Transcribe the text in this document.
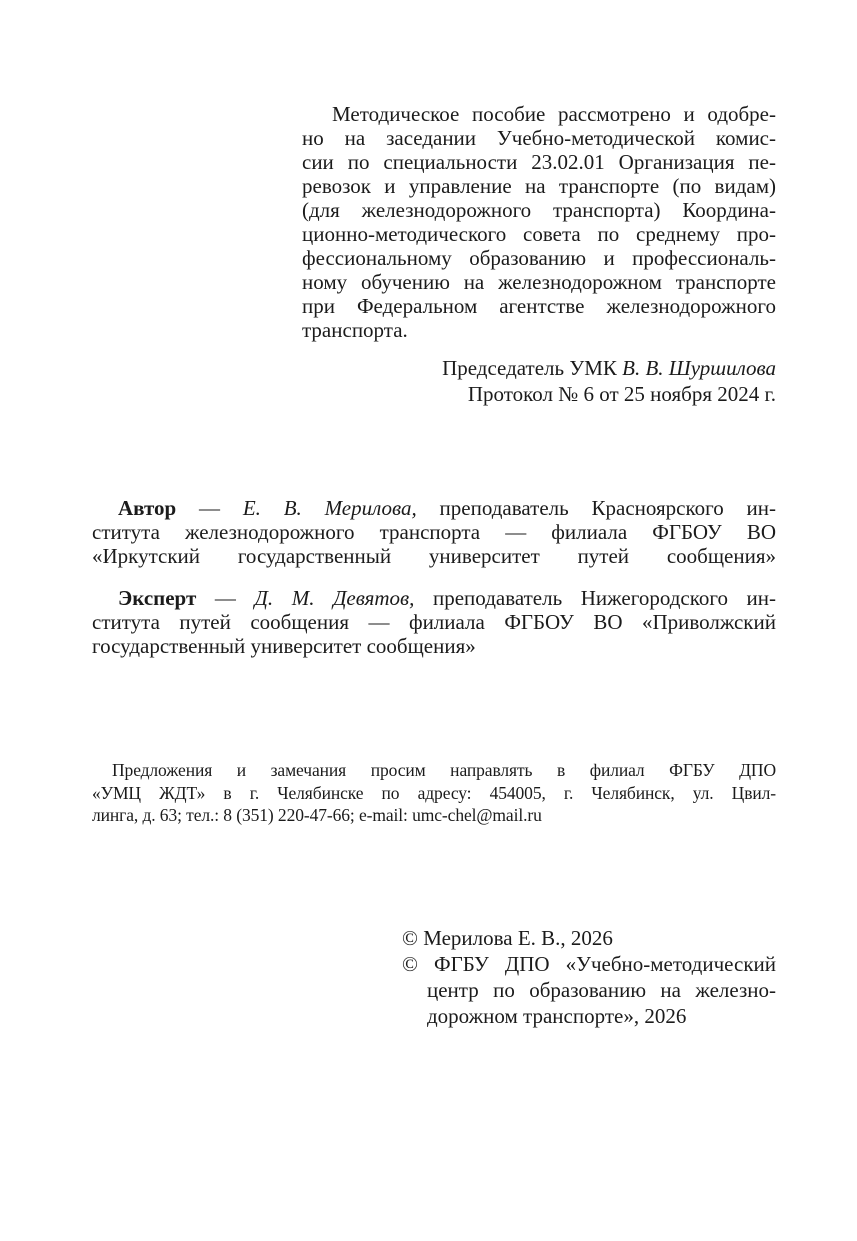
Методическое пособие рассмотрено и одобре-
но на заседании Учебно-методической комис-
сии по специальности 23.02.01 Организация пе-
ревозок и управление на транспорте (по видам)
(для железнодорожного транспорта) Координа-
ционно-методического совета по среднему про-
фессиональному образованию и профессиональ-
ному обучению на железнодорожном транспорте
при Федеральном агентстве железнодорожного
транспорта.
Председатель УМК В. В. Шуршилова
Протокол № 6 от 25 ноября 2024 г.
Автор — Е. В. Мерилова, преподаватель Красноярского ин-
ститута железнодорожного транспорта — филиала ФГБОУ ВО
«Иркутский государственный университет путей сообщения»
Эксперт — Д. М. Девятов, преподаватель Нижегородского ин-
ститута путей сообщения — филиала ФГБОУ ВО «Приволжский
государственный университет сообщения»
Предложения и замечания просим направлять в филиал ФГБУ ДПО
«УМЦ ЖДТ» в г. Челябинске по адресу: 454005, г. Челябинск, ул. Цвил-
линга, д. 63; тел.: 8 (351) 220-47-66; e-mail: umc-chel@mail.ru
© Мерилова Е. В., 2026
© ФГБУ ДПО «Учебно-методический
центр по образованию на железно-
дорожном транспорте», 2026
